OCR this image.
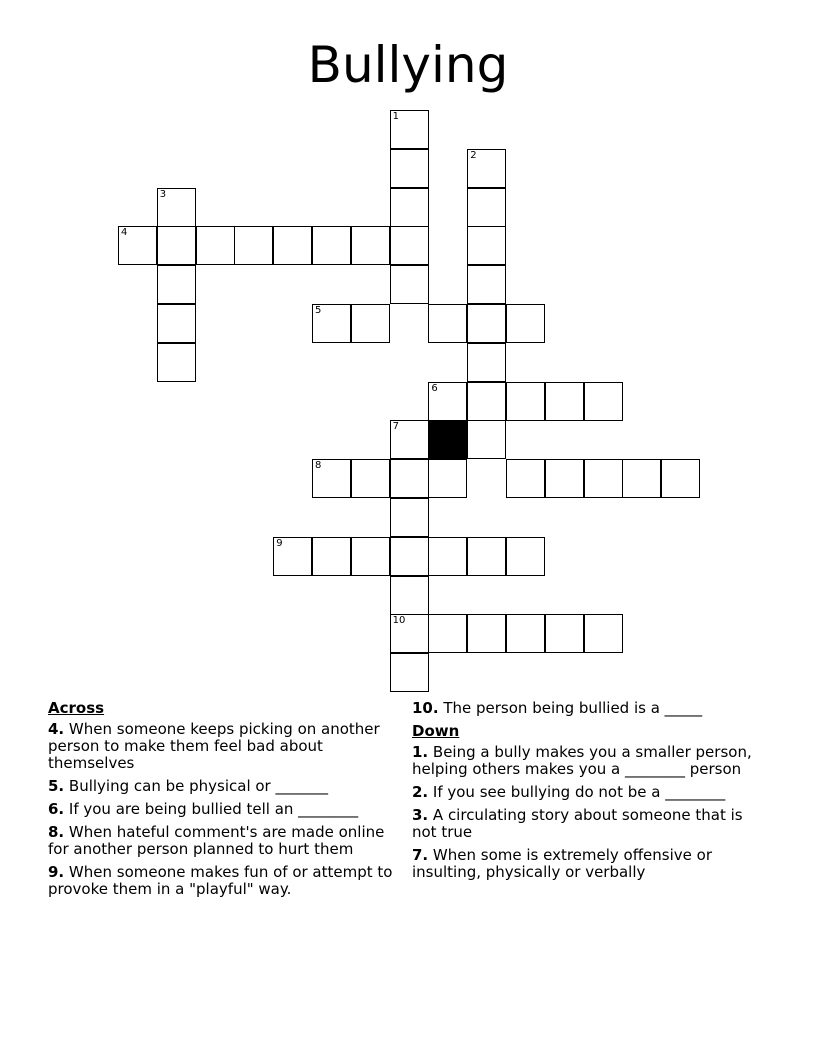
Bullying
1
2
3
4
5
6
7
8
9
10
Across
4. When someone keeps picking on another person to make them feel bad about themselves
5. Bullying can be physical or _______
6. If you are being bullied tell an ________
8. When hateful comment's are made online for another person planned to hurt them
9. When someone makes fun of or attempt to provoke them in a "playful" way.
10. The person being bullied is a _____
Down
1. Being a bully makes you a smaller person, helping others makes you a ________ person
2. If you see bullying do not be a ________
3. A circulating story about someone that is not true
7. When some is extremely offensive or insulting, physically or verbally
